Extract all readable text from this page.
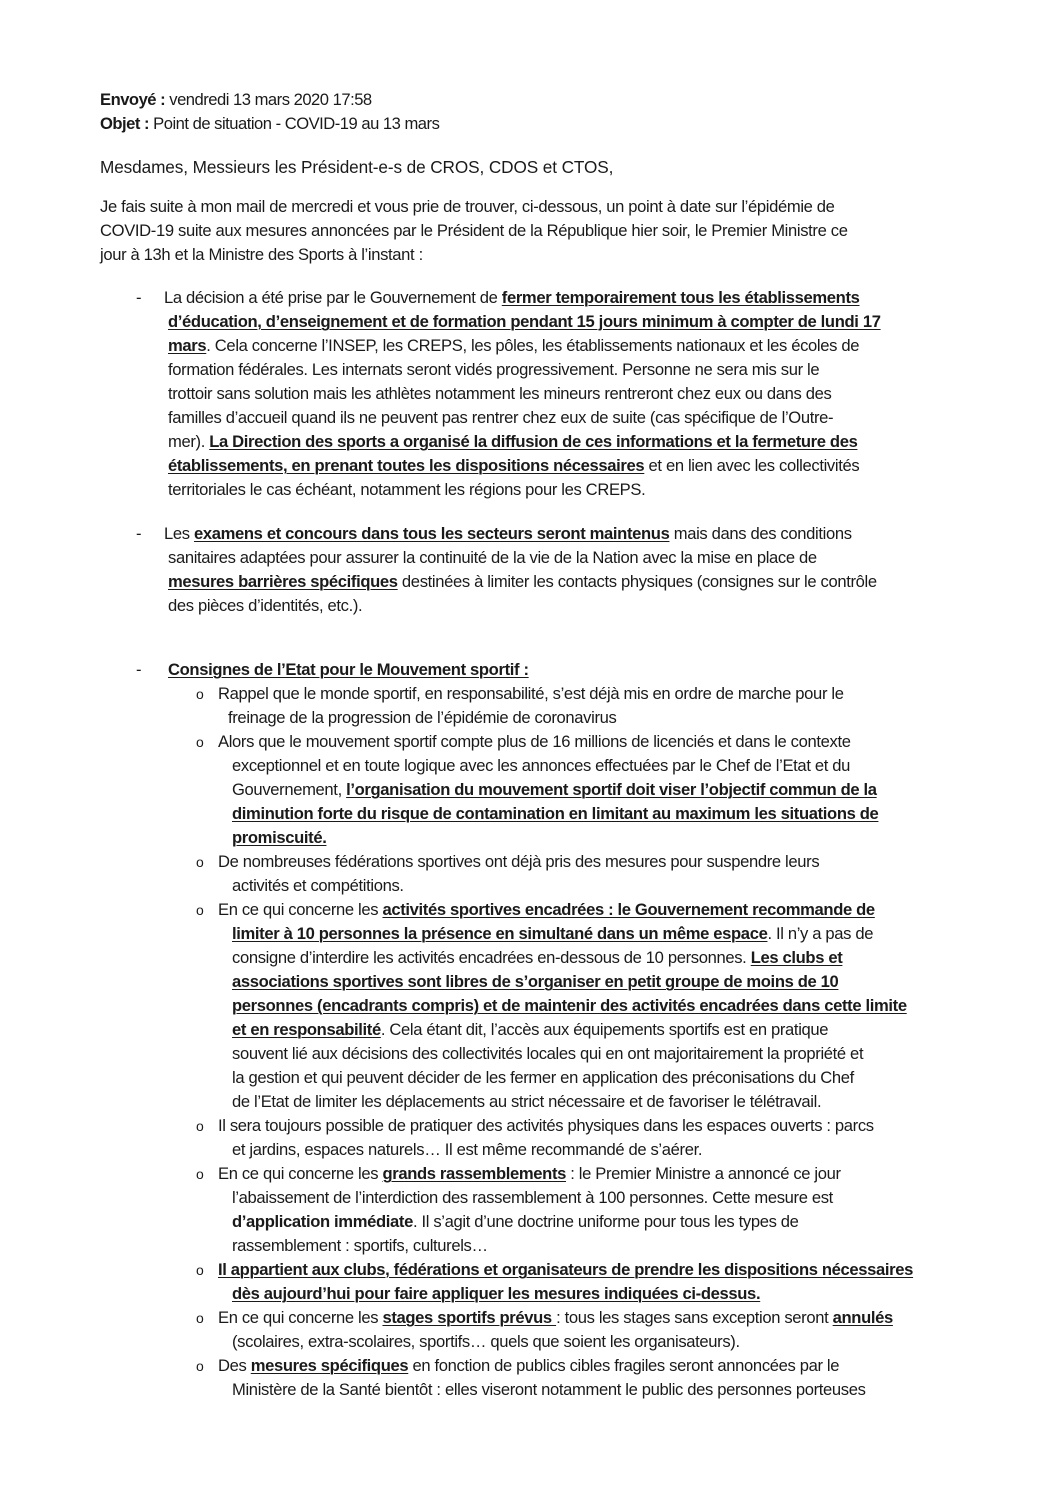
Envoyé : vendredi 13 mars 2020 17:58
Objet : Point de situation - COVID-19 au 13 mars
Mesdames, Messieurs les Président-e-s de CROS, CDOS et CTOS,
Je fais suite à mon mail de mercredi et vous prie de trouver, ci-dessous, un point à date sur l’épidémie de
COVID-19 suite aux mesures annoncées par le Président de la République hier soir, le Premier Ministre ce
jour à 13h et la Ministre des Sports à l’instant :
- La décision a été prise par le Gouvernement de fermer temporairement tous les établissements
d’éducation, d’enseignement et de formation pendant 15 jours minimum à compter de lundi 17
mars. Cela concerne l’INSEP, les CREPS, les pôles, les établissements nationaux et les écoles de
formation fédérales. Les internats seront vidés progressivement. Personne ne sera mis sur le
trottoir sans solution mais les athlètes notamment les mineurs rentreront chez eux ou dans des
familles d’accueil quand ils ne peuvent pas rentrer chez eux de suite (cas spécifique de l’Outre-
mer). La Direction des sports a organisé la diffusion de ces informations et la fermeture des
établissements, en prenant toutes les dispositions nécessaires et en lien avec les collectivités
territoriales le cas échéant, notamment les régions pour les CREPS.
- Les examens et concours dans tous les secteurs seront maintenus mais dans des conditions
sanitaires adaptées pour assurer la continuité de la vie de la Nation avec la mise en place de
mesures barrières spécifiques destinées à limiter les contacts physiques (consignes sur le contrôle
des pièces d’identités, etc.).
- Consignes de l’Etat pour le Mouvement sportif :
o Rappel que le monde sportif, en responsabilité, s’est déjà mis en ordre de marche pour le
freinage de la progression de l’épidémie de coronavirus
o Alors que le mouvement sportif compte plus de 16 millions de licenciés et dans le contexte
exceptionnel et en toute logique avec les annonces effectuées par le Chef de l’Etat et du
Gouvernement, l’organisation du mouvement sportif doit viser l’objectif commun de la
diminution forte du risque de contamination en limitant au maximum les situations de
promiscuité.
o De nombreuses fédérations sportives ont déjà pris des mesures pour suspendre leurs
activités et compétitions.
o En ce qui concerne les activités sportives encadrées : le Gouvernement recommande de
limiter à 10 personnes la présence en simultané dans un même espace. Il n’y a pas de
consigne d’interdire les activités encadrées en-dessous de 10 personnes. Les clubs et
associations sportives sont libres de s’organiser en petit groupe de moins de 10
personnes (encadrants compris) et de maintenir des activités encadrées dans cette limite
et en responsabilité. Cela étant dit, l’accès aux équipements sportifs est en pratique
souvent lié aux décisions des collectivités locales qui en ont majoritairement la propriété et
la gestion et qui peuvent décider de les fermer en application des préconisations du Chef
de l’Etat de limiter les déplacements au strict nécessaire et de favoriser le télétravail.
o Il sera toujours possible de pratiquer des activités physiques dans les espaces ouverts : parcs
et jardins, espaces naturels… Il est même recommandé de s’aérer.
o En ce qui concerne les grands rassemblements : le Premier Ministre a annoncé ce jour
l’abaissement de l’interdiction des rassemblement à 100 personnes. Cette mesure est
d’application immédiate. Il s’agit d’une doctrine uniforme pour tous les types de
rassemblement : sportifs, culturels…
o Il appartient aux clubs, fédérations et organisateurs de prendre les dispositions nécessaires
dès aujourd’hui pour faire appliquer les mesures indiquées ci-dessus.
o En ce qui concerne les stages sportifs prévus : tous les stages sans exception seront annulés
(scolaires, extra-scolaires, sportifs… quels que soient les organisateurs).
o Des mesures spécifiques en fonction de publics cibles fragiles seront annoncées par le
Ministère de la Santé bientôt : elles viseront notamment le public des personnes porteuses
